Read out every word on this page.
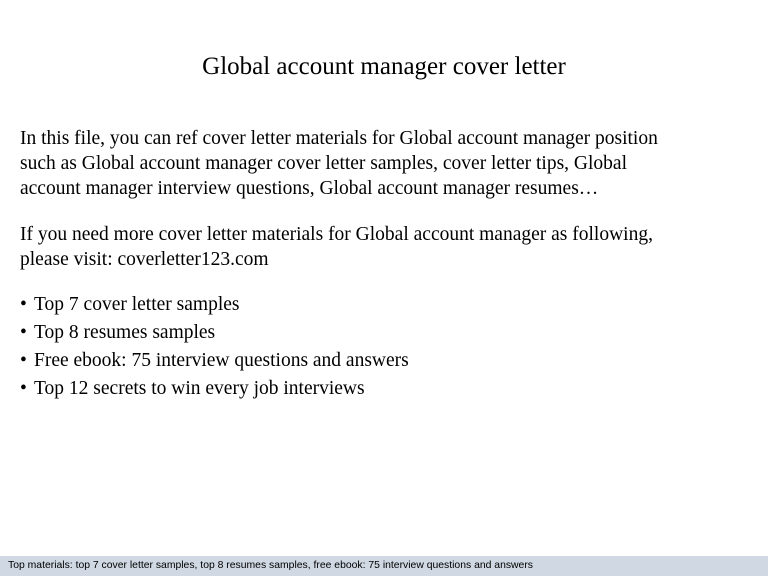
Global account manager cover letter
In this file, you can ref cover letter materials for Global account manager position
such as Global account manager cover letter samples, cover letter tips, Global
account manager interview questions, Global account manager resumes…
If you need more cover letter materials for Global account manager as following,
please visit: coverletter123.com
• Top 7 cover letter samples
• Top 8 resumes samples
• Free ebook: 75 interview questions and answers
• Top 12 secrets to win every job interviews
Top materials: top 7 cover letter samples, top 8 resumes samples, free ebook: 75 interview questions and answers
